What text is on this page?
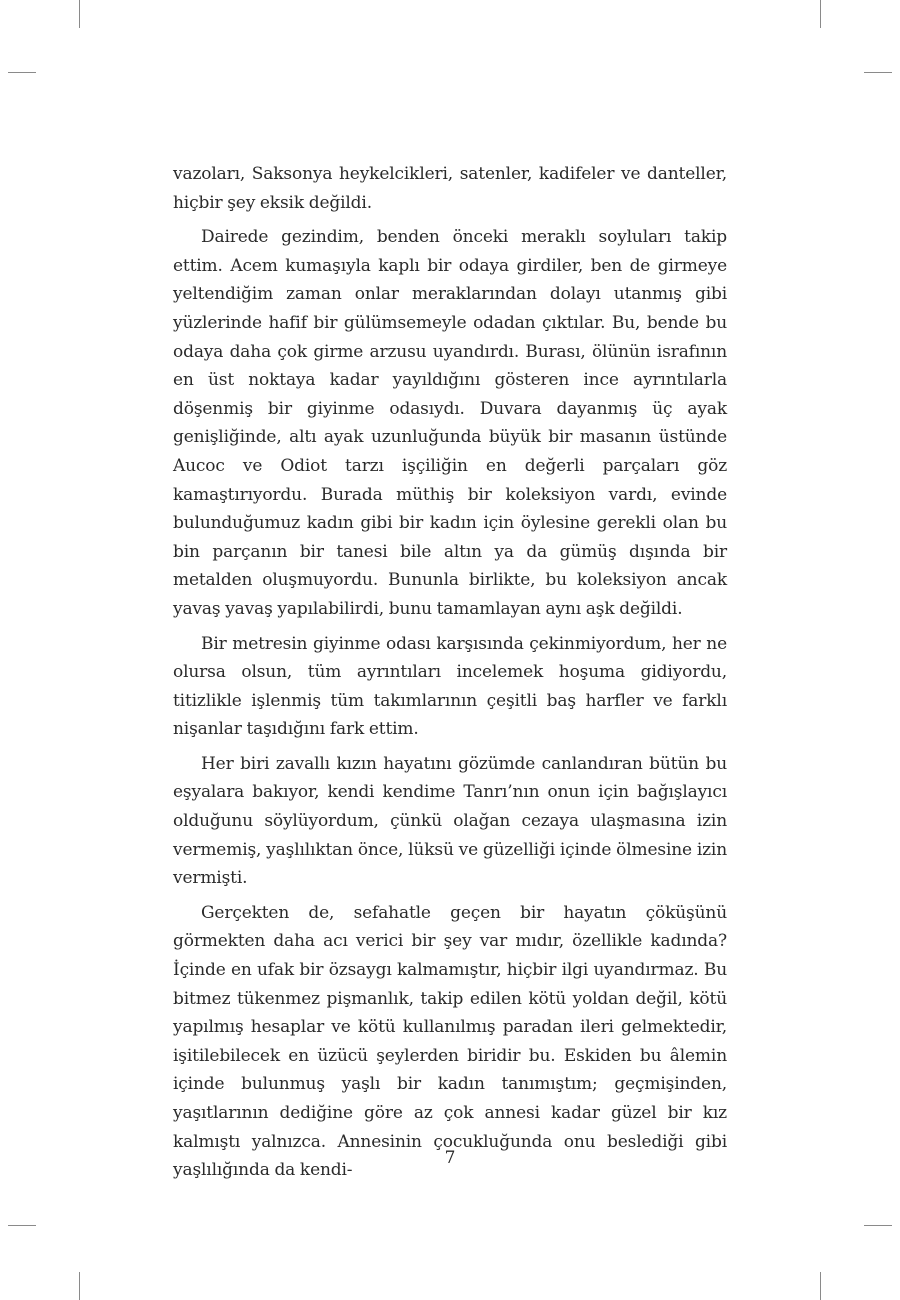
vazoları, Saksonya heykelcikleri, satenler, kadifeler ve danteller, hiçbir şey eksik değildi.

Dairede gezindim, benden önceki meraklı soyluları takip ettim. Acem kumaşıyla kaplı bir odaya girdiler, ben de girmeye yeltendiğim zaman onlar meraklarından dolayı utanmış gibi yüzlerinde hafif bir gülümsemeyle odadan çıktılar. Bu, bende bu odaya daha çok girme arzusu uyandırdı. Burası, ölünün israfının en üst noktaya kadar yayıldığını gösteren ince ayrıntılarla döşenmiş bir giyinme odasıydı. Duvara dayanmış üç ayak genişliğinde, altı ayak uzunluğunda büyük bir masanın üstünde Aucoc ve Odiot tarzı işçiliğin en değerli parçaları göz kamaştırıyordu. Burada müthiş bir koleksiyon vardı, evinde bulunduğumuz kadın gibi bir kadın için öylesine gerekli olan bu bin parçanın bir tanesi bile altın ya da gümüş dışında bir metalden oluşmuyordu. Bununla birlikte, bu koleksiyon ancak yavaş yavaş yapılabilirdi, bunu tamamlayan aynı aşk değildi.

Bir metresin giyinme odası karşısında çekinmiyordum, her ne olursa olsun, tüm ayrıntıları incelemek hoşuma gidiyordu, titizlikle işlenmiş tüm takımlarının çeşitli baş harfler ve farklı nişanlar taşıdığını fark ettim.

Her biri zavallı kızın hayatını gözümde canlandıran bütün bu eşyalara bakıyor, kendi kendime Tanrı’nın onun için bağışlayıcı olduğunu söylüyordum, çünkü olağan cezaya ulaşmasına izin vermemiş, yaşlılıktan önce, lüksü ve güzelliği içinde ölmesine izin vermişti.

Gerçekten de, sefahatle geçen bir hayatın çöküşünü görmekten daha acı verici bir şey var mıdır, özellikle kadında? İçinde en ufak bir özsaygı kalmamıştır, hiçbir ilgi uyandırmaz. Bu bitmez tükenmez pişmanlık, takip edilen kötü yoldan değil, kötü yapılmış hesaplar ve kötü kullanılmış paradan ileri gelmektedir, işitilebilecek en üzücü şeylerden biridir bu. Eskiden bu âlemin içinde bulunmuş yaşlı bir kadın tanımıştım; geçmişinden, yaşıtlarının dediğine göre az çok annesi kadar güzel bir kız kalmıştı yalnızca. Annesinin çocukluğunda onu beslediği gibi yaşlılığında da kendi-

7
